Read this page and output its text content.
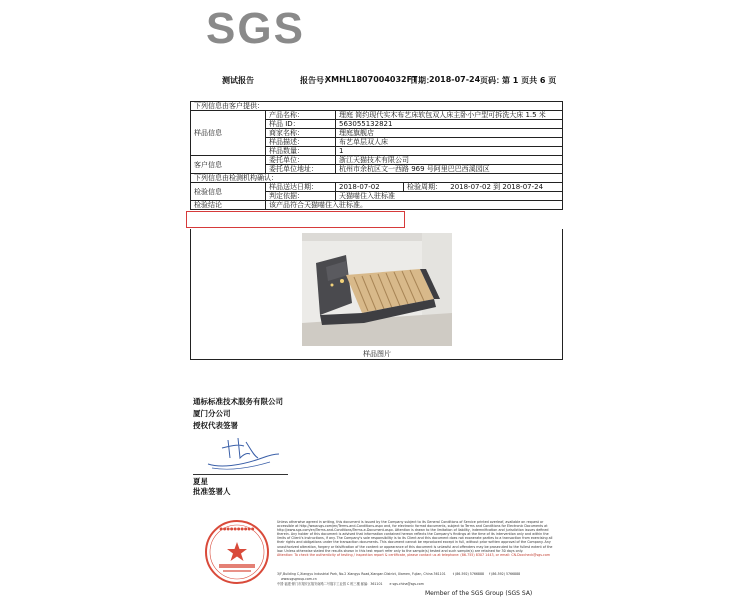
SGS
测试报告	报告号：
XMHL1807004032FT
日期：
2018-07-24 页码：
第 1 页共 6 页
下列信息由客户提供：			
样品信息	产品名称：	理庭 简约现代实木布艺床软包双人床主卧小户型可拆洗大床 1.5 米	
	样品 ID：	563055132821	
	商家名称：	理庭旗舰店	
	样品描述：	布艺单层双人床	
	样品数量：	1	
客户信息	委托单位：	浙江天猫技术有限公司	
	委托单位地址：	杭州市余杭区文一西路 969 号阿里巴巴西溪园区	
下列信息由检测机构确认：			
检验信息	样品送达日期：	2018-07-02	检验周期： 2018-07-02 到 2018-07-24
	判定依据：	天猫喵住入驻标准	
检验结论	该产品符合天猫喵住入驻标准。		
样品图片
通标标准技术服务有限公司
厦门分公司
授权代表签署
夏星
批准签署人
●●●●●●●●●●
Unless otherwise agreed in writing, this document is issued by the Company subject to its General Conditions of Service printed overleaf, available on request or accessible at http://www.sgs.com/en/Terms-and-Conditions.aspx and, for electronic format documents, subject to Terms and Conditions for Electronic Documents at http://www.sgs.com/en/Terms-and-Conditions/Terms-e-Document.aspx. Attention is drawn to the limitation of liability, indemnification and jurisdiction issues defined therein. Any holder of this document is advised that information contained hereon reflects the Company's findings at the time of its intervention only and within the limits of Client's instructions, if any. The Company's sole responsibility is to its Client and this document does not exonerate parties to a transaction from exercising all their rights and obligations under the transaction documents. This document cannot be reproduced except in full, without prior written approval of the Company. Any unauthorized alteration, forgery or falsification of the content or appearance of this document is unlawful and offenders may be prosecuted to the fullest extent of the law. Unless otherwise stated the results shown in this test report refer only to the sample(s) tested and such sample(s) are retained for 30 days only.
Attention: To check the authenticity of testing / inspection report & certificate, please contact us at telephone: (86-755) 8307 1443, or email: CN.Doccheck@sgs.com
3/F,Building C,Xiangyu Industrial Park, No.2 Xiangyu Road,Xiangan District, Xiamen, Fujian, China 361101 t (86-592) 5766888 f (86-592) 5766888 www.sgsgroup.com.cn
中国·福建·厦门市翔安区翔安南路二号翔宇工业园 C 栋三楼 邮编：361101 e sgs.china@sgs.com
Member of the SGS Group (SGS SA)
